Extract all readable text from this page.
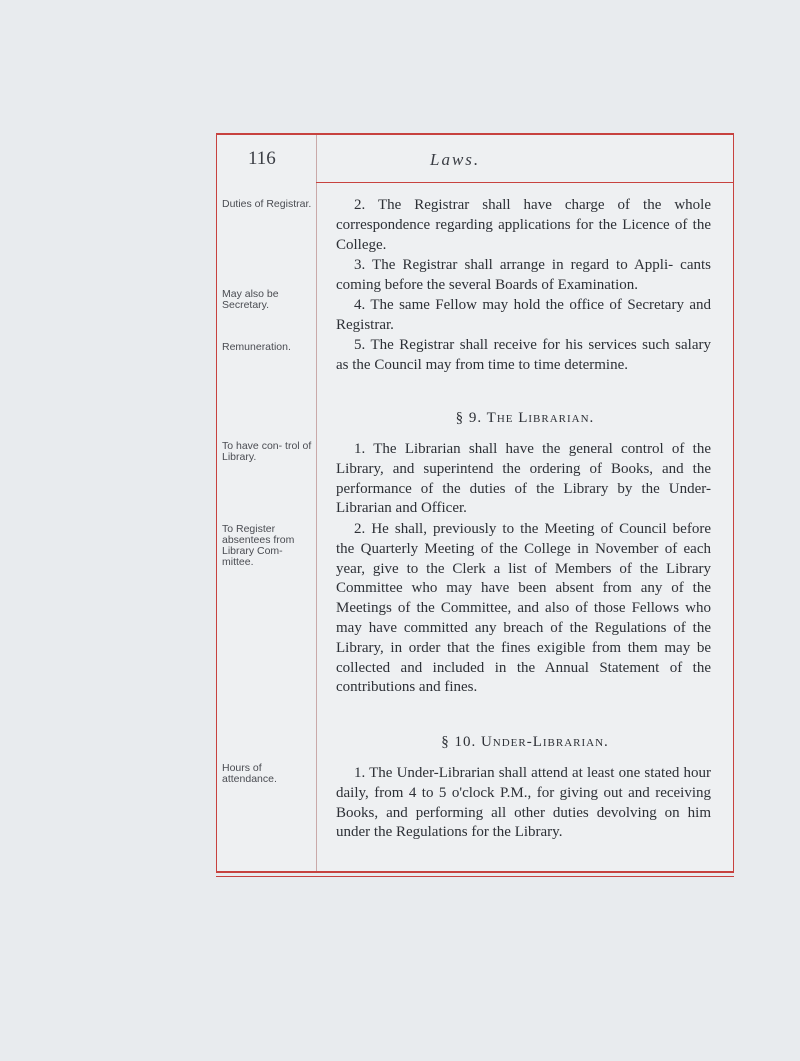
116	Laws.
Duties of Registrar.
May also be Secretary.
Remuneration.
To have con- trol of Library.
To Register absentees from Library Com- mittee.
Hours of attendance.

2. The Registrar shall have charge of the whole correspondence regarding applications for the Licence of the College.

3. The Registrar shall arrange in regard to Appli- cants coming before the several Boards of Examination.

4. The same Fellow may hold the office of Secretary and Registrar.

5. The Registrar shall receive for his services such salary as the Council may from time to time determine.

§ 9. The Librarian.

1. The Librarian shall have the general control of the Library, and superintend the ordering of Books, and the performance of the duties of the Library by the Under-Librarian and Officer.

2. He shall, previously to the Meeting of Council before the Quarterly Meeting of the College in November of each year, give to the Clerk a list of Members of the Library Committee who may have been absent from any of the Meetings of the Committee, and also of those Fellows who may have committed any breach of the Regulations of the Library, in order that the fines exigible from them may be collected and included in the Annual Statement of the contributions and fines.

§ 10. Under-Librarian.

1. The Under-Librarian shall attend at least one stated hour daily, from 4 to 5 o'clock P.M., for giving out and receiving Books, and performing all other duties devolving on him under the Regulations for the Library.
